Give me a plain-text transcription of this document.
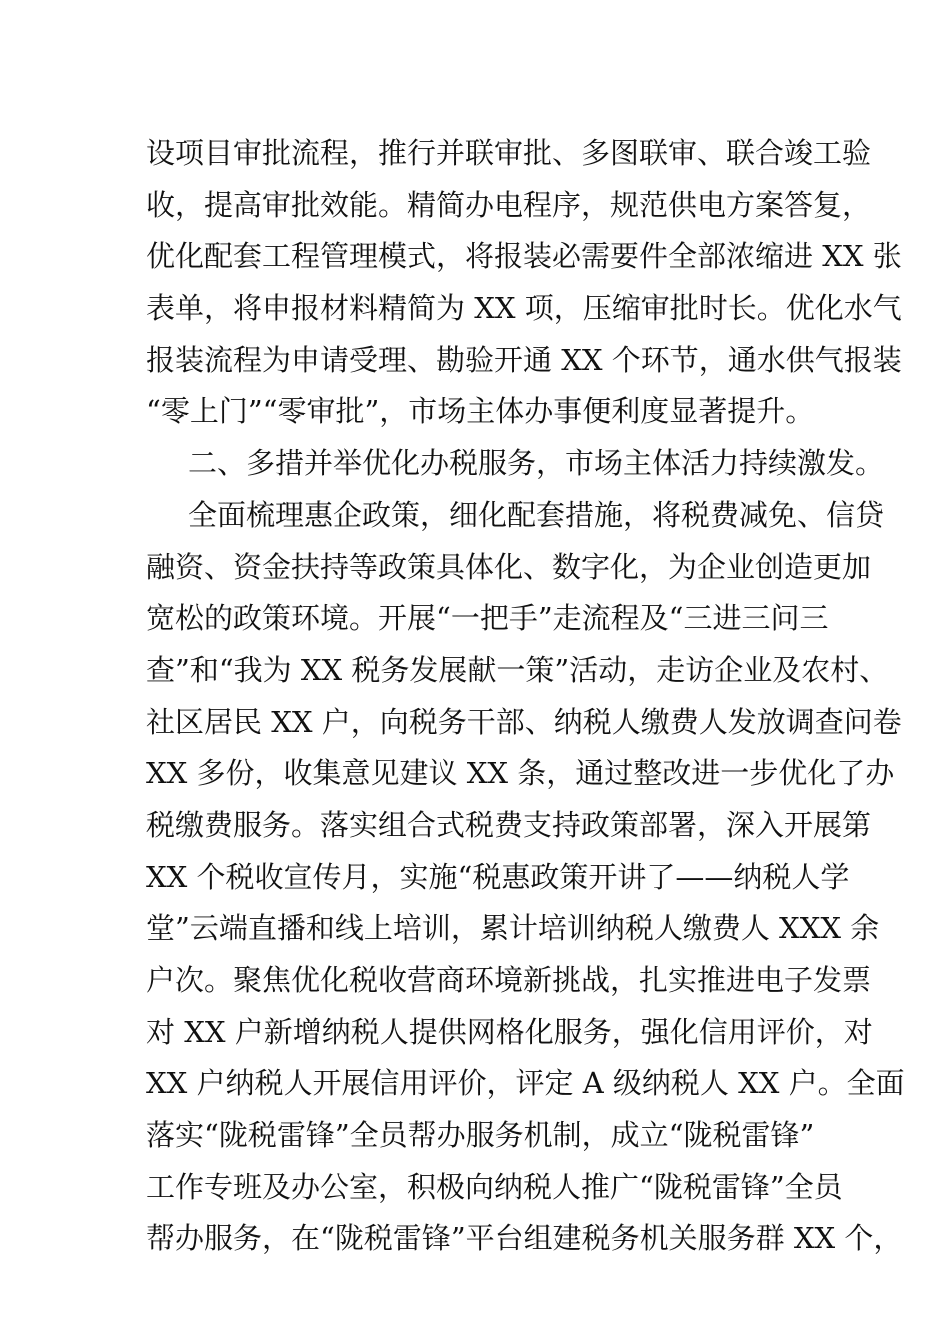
设项目审批流程，推行并联审批、多图联审、联合竣工验
收，提高审批效能。精简办电程序，规范供电方案答复，
优化配套工程管理模式，将报装必需要件全部浓缩进 XX 张
表单，将申报材料精简为 XX 项，压缩审批时长。优化水气
报装流程为申请受理、勘验开通 XX 个环节，通水供气报装
“零上门”“零审批”，市场主体办事便利度显著提升。
二、多措并举优化办税服务，市场主体活力持续激发。
全面梳理惠企政策，细化配套措施，将税费减免、信贷
融资、资金扶持等政策具体化、数字化，为企业创造更加
宽松的政策环境。开展“一把手”走流程及“三进三问三
查”和“我为 XX 税务发展献一策”活动，走访企业及农村、
社区居民 XX 户，向税务干部、纳税人缴费人发放调查问卷
XX 多份，收集意见建议 XX 条，通过整改进一步优化了办
税缴费服务。落实组合式税费支持政策部署，深入开展第
XX 个税收宣传月，实施“税惠政策开讲了——纳税人学
堂”云端直播和线上培训，累计培训纳税人缴费人 XXX 余
户次。聚焦优化税收营商环境新挑战，扎实推进电子发票
对 XX 户新增纳税人提供网格化服务，强化信用评价，对
XX 户纳税人开展信用评价，评定 A 级纳税人 XX 户。全面
落实“陇税雷锋”全员帮办服务机制，成立“陇税雷锋”
工作专班及办公室，积极向纳税人推广“陇税雷锋”全员
帮办服务，在“陇税雷锋”平台组建税务机关服务群 XX 个，
